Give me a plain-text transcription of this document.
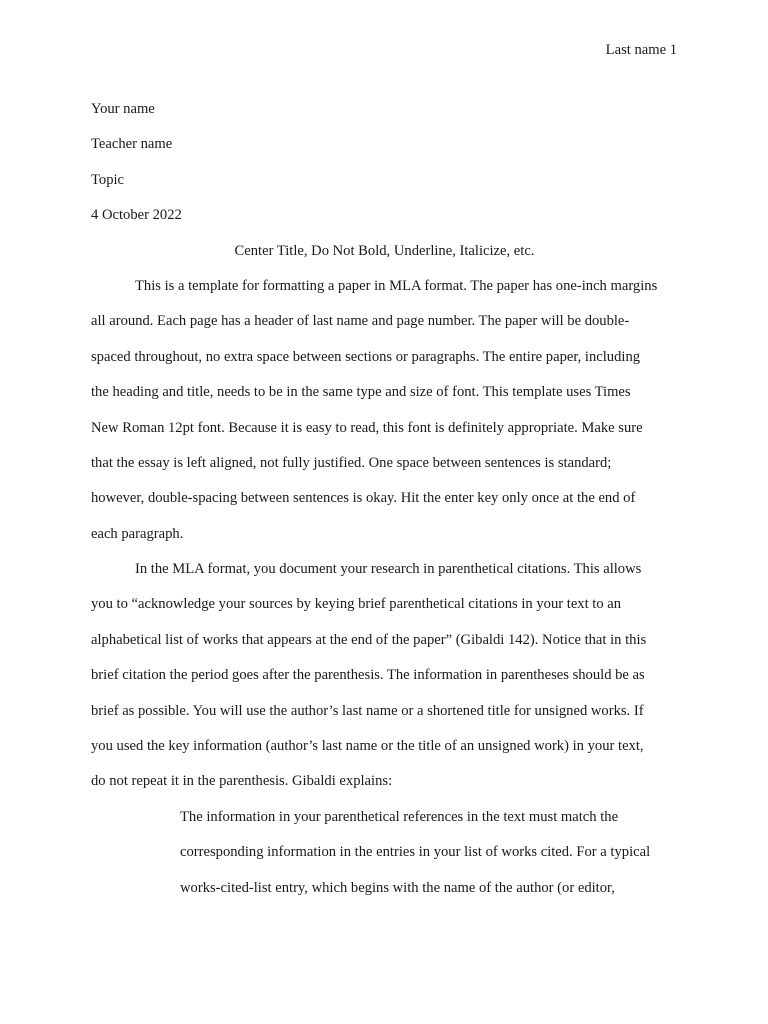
Last name 1
Your name
Teacher name
Topic
4 October 2022
Center Title, Do Not Bold, Underline, Italicize, etc.
This is a template for formatting a paper in MLA format. The paper has one-inch margins
all around. Each page has a header of last name and page number. The paper will be double-
spaced throughout, no extra space between sections or paragraphs. The entire paper, including
the heading and title, needs to be in the same type and size of font. This template uses Times
New Roman 12pt font. Because it is easy to read, this font is definitely appropriate. Make sure
that the essay is left aligned, not fully justified. One space between sentences is standard;
however, double-spacing between sentences is okay. Hit the enter key only once at the end of
each paragraph.
In the MLA format, you document your research in parenthetical citations. This allows
you to “acknowledge your sources by keying brief parenthetical citations in your text to an
alphabetical list of works that appears at the end of the paper” (Gibaldi 142). Notice that in this
brief citation the period goes after the parenthesis. The information in parentheses should be as
brief as possible. You will use the author’s last name or a shortened title for unsigned works. If
you used the key information (author’s last name or the title of an unsigned work) in your text,
do not repeat it in the parenthesis. Gibaldi explains:
The information in your parenthetical references in the text must match the
corresponding information in the entries in your list of works cited. For a typical
works-cited-list entry, which begins with the name of the author (or editor,
